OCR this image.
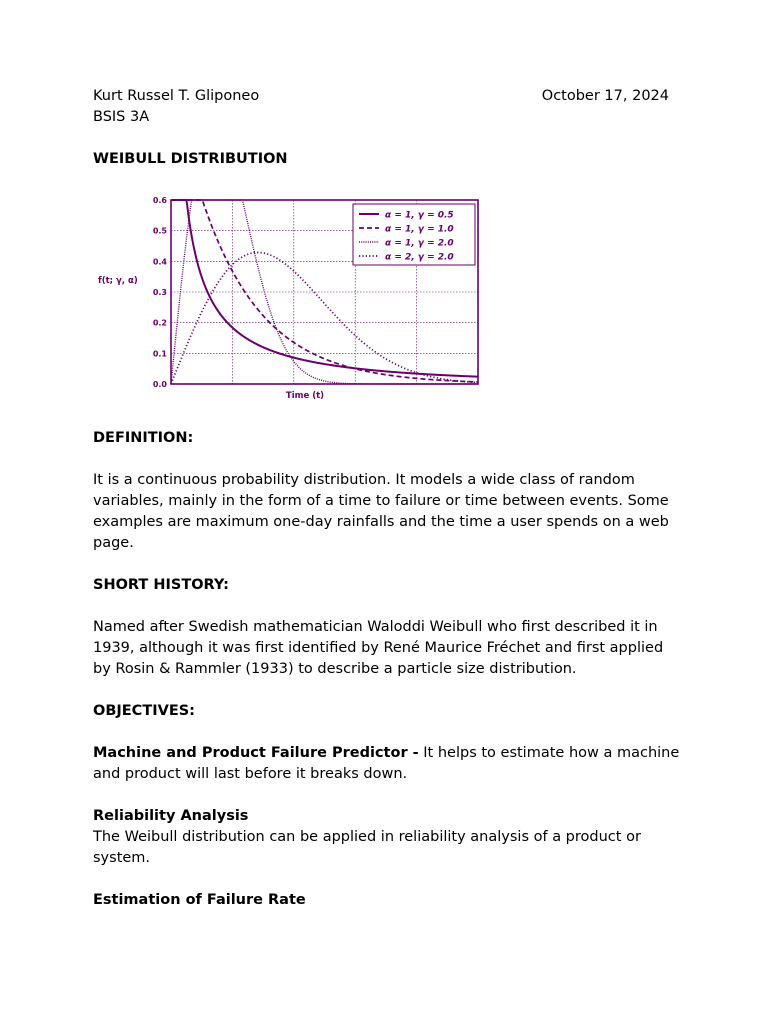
Kurt Russel T. Gliponeo	October 17, 2024
BSIS 3A
WEIBULL DISTRIBUTION
0.0
0.1
0.2
0.3
0.4
0.5
0.6
f(t; γ, α)
Time (t)
α = 1, γ = 0.5
α = 1, γ = 1.0
α = 1, γ = 2.0
α = 2, γ = 2.0
DEFINITION:
It is a continuous probability distribution. It models a wide class of random
variables, mainly in the form of a time to failure or time between events. Some
examples are maximum one-day rainfalls and the time a user spends on a web
page.
SHORT HISTORY:
Named after Swedish mathematician Waloddi Weibull who first described it in
1939, although it was first identified by René Maurice Fréchet and first applied
by Rosin & Rammler (1933) to describe a particle size distribution.
OBJECTIVES:
Machine and Product Failure Predictor - It helps to estimate how a machine
and product will last before it breaks down.
Reliability Analysis
The Weibull distribution can be applied in reliability analysis of a product or
system.
Estimation of Failure Rate
